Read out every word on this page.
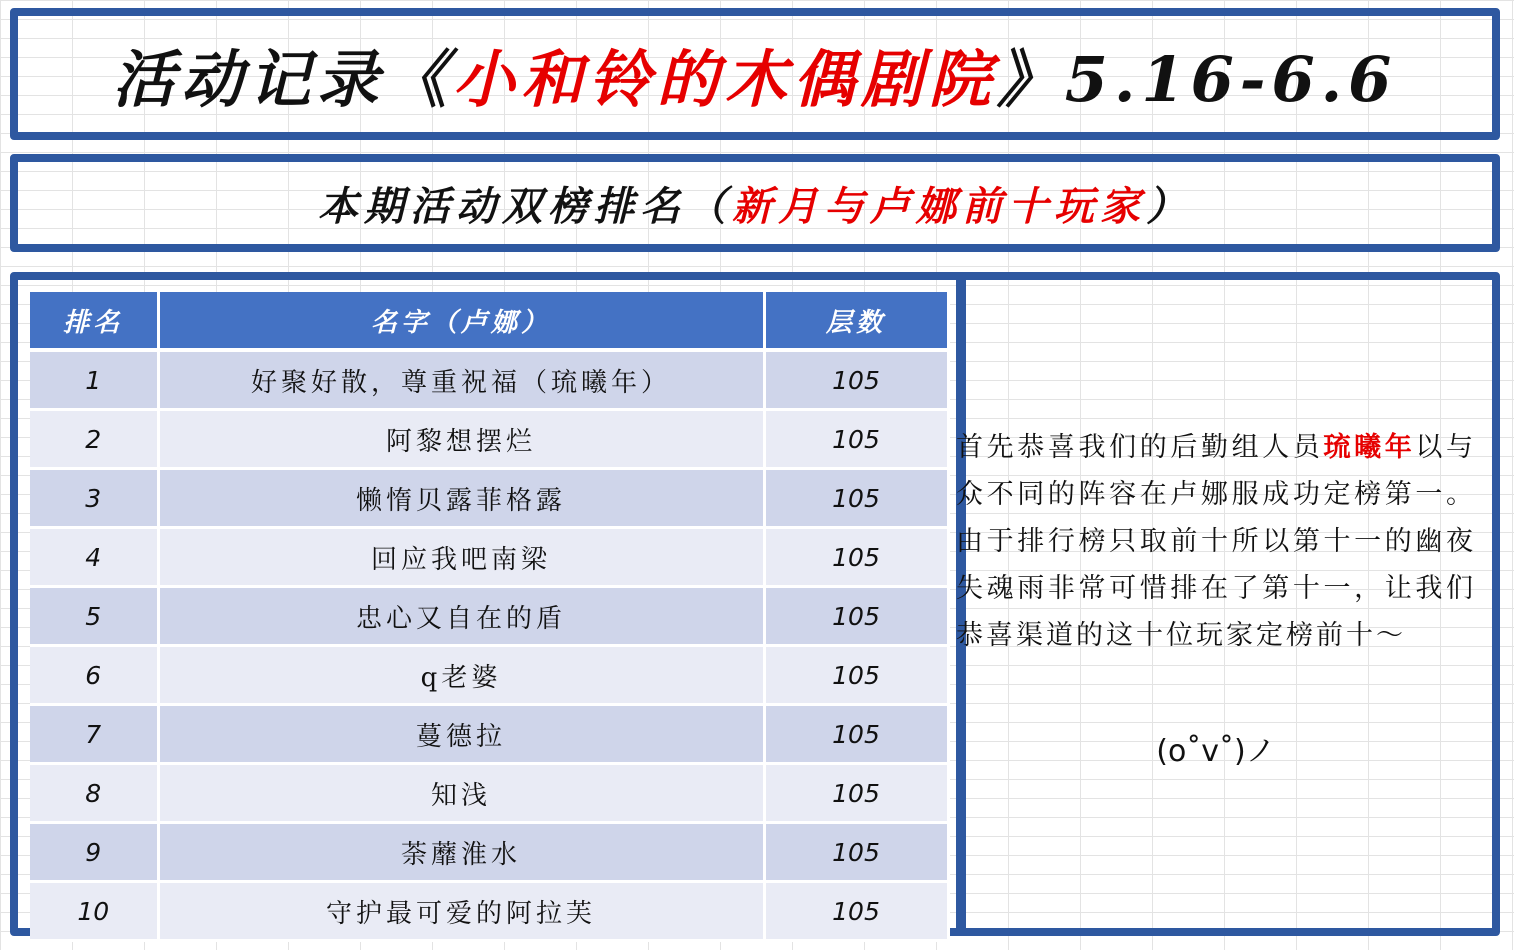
活动记录《 小和铃的木偶剧院 》5.16-6.6
本期活动双榜排名（ 新月与卢娜前十玩家 ）
排名	名字（卢娜）	层数
1	好聚好散，尊重祝福（琉曦年）	105
2	阿黎想摆烂	105
3	懒惰贝露菲格露	105
4	回应我吧南梁	105
5	忠心又自在的盾	105
6	q老婆	105
7	蔓德拉	105
8	知浅	105
9	荼蘼淮水	105
10	守护最可爱的阿拉芙	105
首先恭喜我们的后勤组人员琉曦年以与众不同的阵容在卢娜服成功定榜第一。由于排行榜只取前十所以第十一的幽夜失魂雨非常可惜排在了第十一，让我们恭喜渠道的这十位玩家定榜前十～
(o˚v˚)ノ
